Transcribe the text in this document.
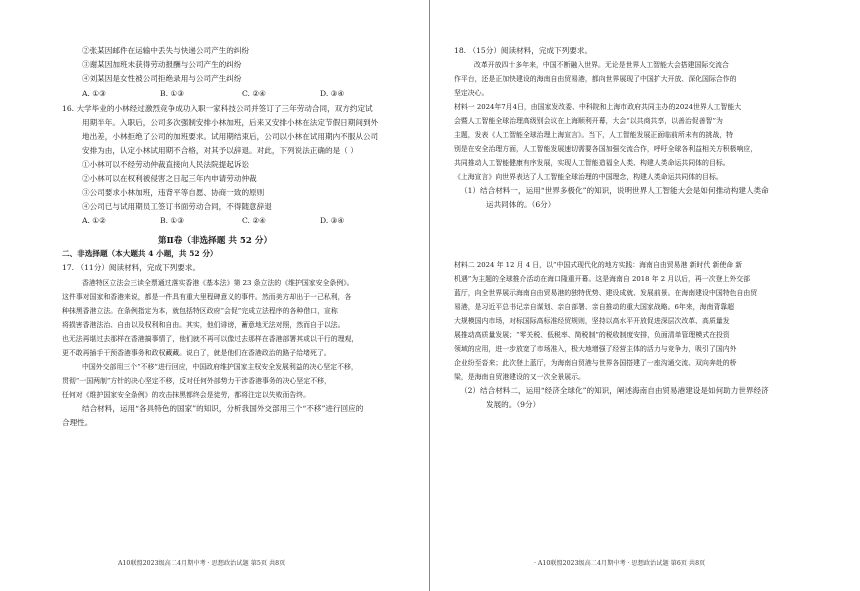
②张某因邮件在运输中丢失与快递公司产生的纠纷
③谢某因加班未获得劳动报酬与公司产生的纠纷
④刘某因是女性被公司拒绝录用与公司产生纠纷
A. ①③	B. ①③	C. ②④	D. ③④
16. 大学毕业的小林经过激烈竞争成功入职一家科技公司并签订了三年劳动合同，双方约定试
用期半年。入职后，公司多次强制安排小林加班，后来又安排小林在法定节假日期间到外
地出差，小林拒绝了公司的加班要求。试用期结束后，公司以小林在试用期内不服从公司
安排为由，认定小林试用期不合格，对其予以辞退。对此，下列说法正确的是（ ）
①小林可以不经劳动仲裁直接向人民法院提起诉讼
②小林可以在权利被侵害之日起三年内申请劳动仲裁
③公司要求小林加班，违背平等自愿、协商一致的原则
④公司已与试用期员工签订书面劳动合同，不得随意辞退
A. ①②	B. ①③	C. ②④	D. ③④
第Ⅱ卷（非选择题 共 52 分）
二、非选择题（本大题共 4 小题，共 52 分）
17. （11分）阅读材料，完成下列要求。
香港特区立法会三读全票通过落实香港《基本法》第 23 条立法的《维护国家安全条例》。
这件事对国家和香港来说，都是一件具有重大里程碑意义的事件。然而美方却出于一己私利，各
种抹黑香港立法。在条例指定为本，就包括特区政府“会促”完成立法程序的各种借口，宣称
将损害香港法治、自由以及权利和自由。其实，他们诽谤，蓄意地无法对照，然而自于以法。
也无法再堪过去那样在香港搞事情了，他们就不再可以像过去那样在香港部署其或以干行的理观，
更不敢再插手干预香港事务和政权藏藏。说白了，就是他们在香港政治的路子给堵死了。
中国外交部用三个“不移”进行回应，中国政府维护国家主权安全发展利益的决心坚定不移，
贯彻“一国两制”方针的决心坚定不移，反对任何外部势力干涉香港事务的决心坚定不移，
任何对《维护国家安全条例》的攻击抹黑都终会是徒劳，都将注定以失败而告终。
结合材料，运用“各具特色的国家”的知识，分析我国外交部用三个“不移”进行回应的
合理性。
A10联盟2023级高二4月期中考 · 思想政治试题 第5页 共8页
18. （15分）阅读材料，完成下列要求。
改革开放四十多年来，中国不断融入世界。无论是世界人工智能大会搭建国际交流合
作平台，还是正加快建设的海南自由贸易港，都向世界展现了中国扩大开放、深化国际合作的
坚定决心。
材料一 2024年7月4日，由国家发改委、中科院和上海市政府共同主办的2024世界人工智能大
会暨人工智能全球治理高级别会议在上海顺利开幕，大会“以共商共享，以善治促善智”为
主题，发表《人工智能全球治理上海宣言》。当下，人工智能发展正面临前所未有的挑战，特
别是在安全治理方面，人工智能发展速切需要各国加强交流合作，呼吁全球各利益相关方积极响应，
共同推动人工智能健康有序发展，实现人工智能造福全人类、构建人类命运共同体的目标。
《上海宣言》向世界表达了人工智能全球治理的中国理念，构建人类命运共同体的目标。
（1）结合材料一，运用“世界多极化”的知识，说明世界人工智能大会是如何推动构建人类命
运共同体的。（6分）
材料二 2024 年 12 月 4 日，以“中国式现代化的地方实践：海南自由贸易港 新时代 新使命 新
机遇”为主题的全球推介活动在海口隆重开幕。这是海南自 2018 年 2 月以后，再一次登上外交部
蓝厅，向全世界展示海南自由贸易港的独特优势、建设成就、发展前景。在海南建设中国特色自由贸
易港，是习近平总书记亲自谋划、亲自部署、亲自推动的重大国家战略。6年来，海南背靠超
大规模国内市场，对标国际高标准经贸规则，坚持以高水平开放促进深层次改革、高质量发
展推动高质量发展；“零关税、低税率、简税制”的税收制度安排，负面清单管理模式在投资
领域的应用，进一步放宽了市场准入，极大地增强了经营主体的活力与竞争力，吸引了国内外
企业纷至沓来；此次登上蓝厅，为海南自贸港与世界各国搭建了一座沟通交流、双向奔赴的桥
梁，是海南自贸港建设的又一次全景展示。
（2）结合材料二，运用“经济全球化”的知识，阐述海南自由贸易港建设是如何助力世界经济
发展的。（9分）
· A10联盟2023级高二4月期中考 · 思想政治试题 第6页 共8页
